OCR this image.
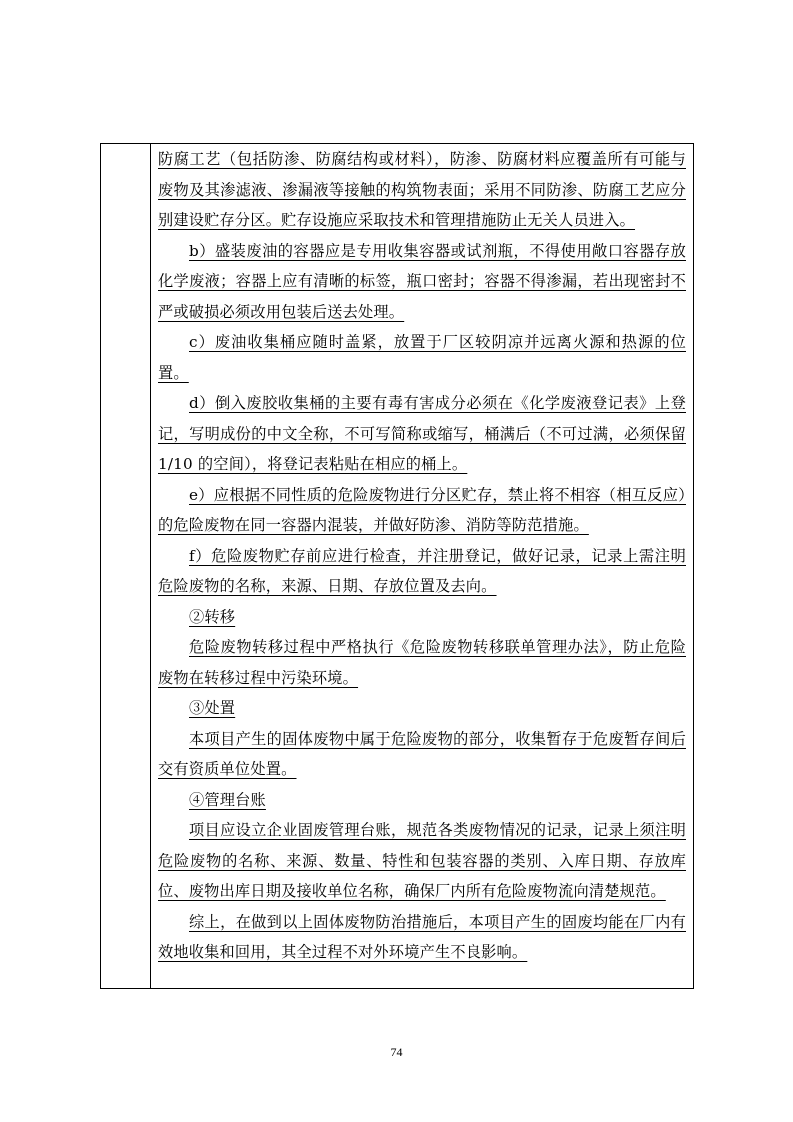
防腐工艺（包括防渗、防腐结构或材料），防渗、防腐材料应覆盖所有可能与废物及其渗滤液、渗漏液等接触的构筑物表面；采用不同防渗、防腐工艺应分别建设贮存分区。贮存设施应采取技术和管理措施防止无关人员进入。

b）盛装废油的容器应是专用收集容器或试剂瓶，不得使用敞口容器存放化学废液；容器上应有清晰的标签，瓶口密封；容器不得渗漏，若出现密封不严或破损必须改用包装后送去处理。

c）废油收集桶应随时盖紧，放置于厂区较阴凉并远离火源和热源的位置。

d）倒入废胶收集桶的主要有毒有害成分必须在《化学废液登记表》上登记，写明成份的中文全称，不可写简称或缩写，桶满后（不可过满，必须保留 1/10 的空间），将登记表粘贴在相应的桶上。

e）应根据不同性质的危险废物进行分区贮存，禁止将不相容（相互反应）的危险废物在同一容器内混装，并做好防渗、消防等防范措施。

f）危险废物贮存前应进行检查，并注册登记，做好记录，记录上需注明危险废物的名称，来源、日期、存放位置及去向。

②转移

危险废物转移过程中严格执行《危险废物转移联单管理办法》，防止危险废物在转移过程中污染环境。

③处置

本项目产生的固体废物中属于危险废物的部分，收集暂存于危废暂存间后交有资质单位处置。

④管理台账

项目应设立企业固废管理台账，规范各类废物情况的记录，记录上须注明危险废物的名称、来源、数量、特性和包装容器的类别、入库日期、存放库位、废物出库日期及接收单位名称，确保厂内所有危险废物流向清楚规范。

综上，在做到以上固体废物防治措施后，本项目产生的固废均能在厂内有效地收集和回用，其全过程不对外环境产生不良影响。

74
